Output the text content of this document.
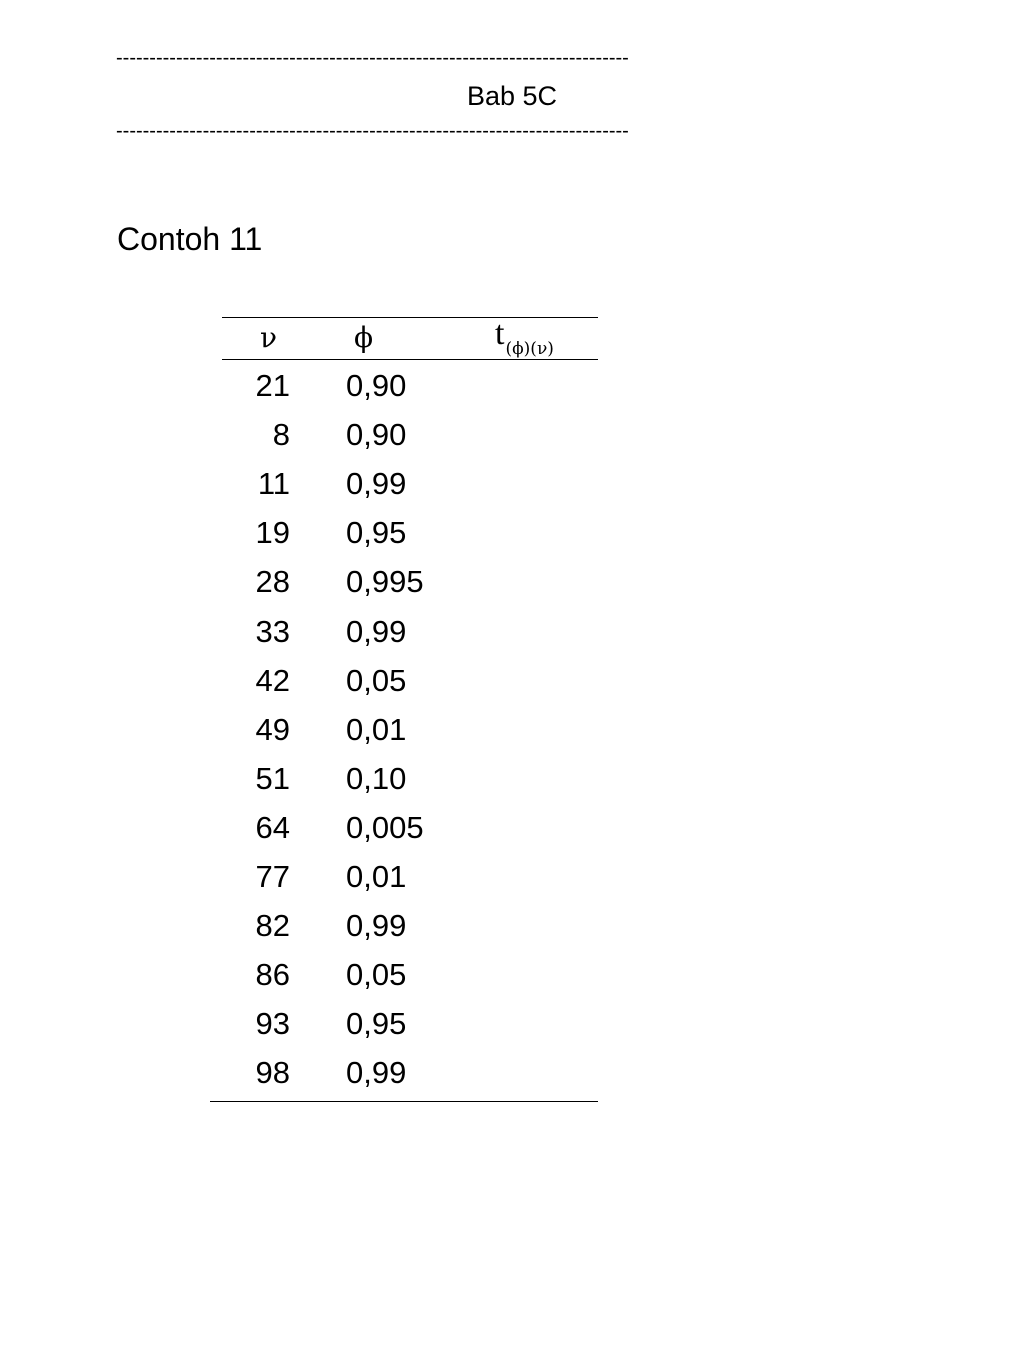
-----------------------------------------------------------------------------
Bab 5C
-----------------------------------------------------------------------------
Contoh 11
ν	ϕ	$t_{(\phi)(\nu)}$
21 0,90
8 0,90
11 0,99
19 0,95
28 0,995
33 0,99
42 0,05
49 0,01
51 0,10
64 0,005
77 0,01
82 0,99
86 0,05
93 0,95
98 0,99
